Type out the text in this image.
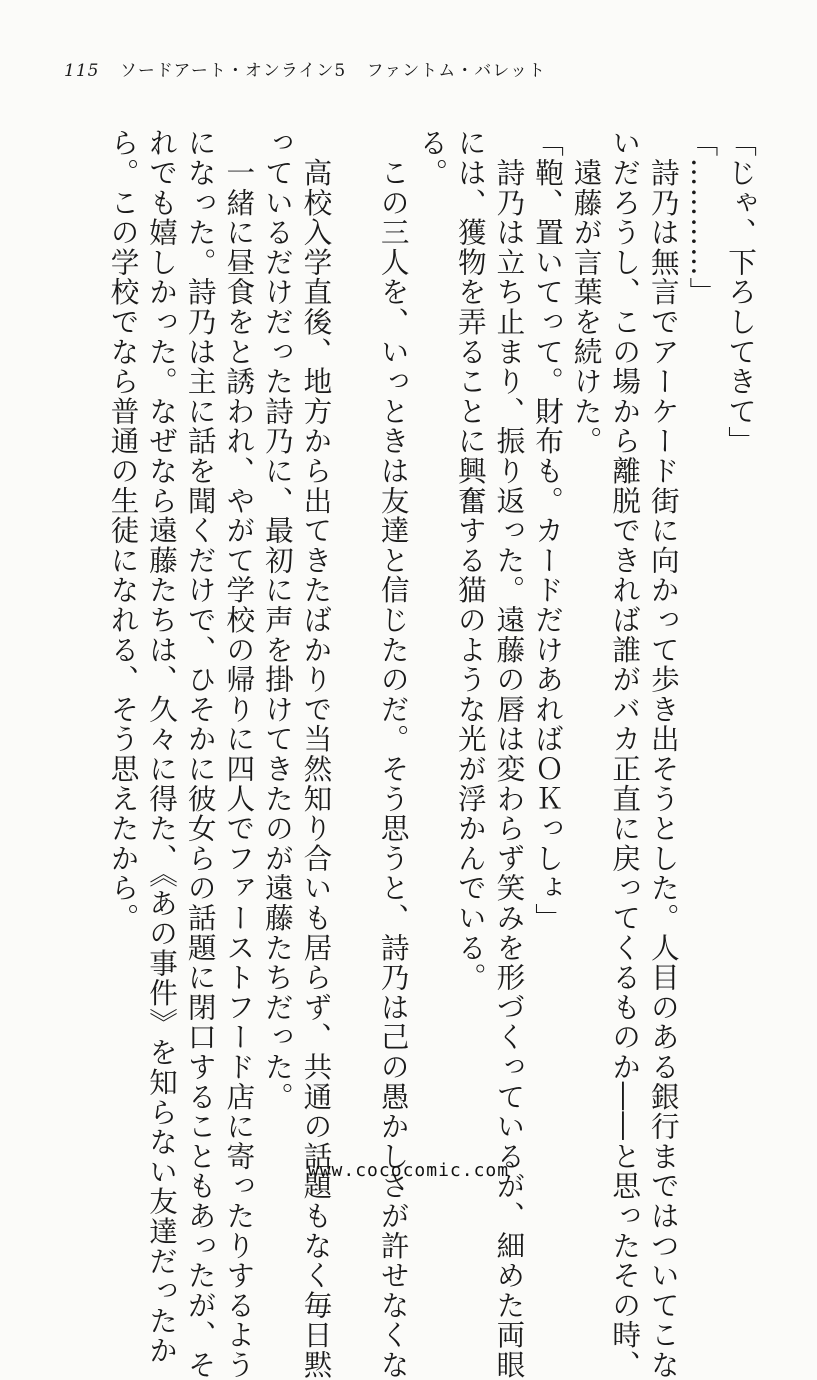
115 ソードアート・オンライン5 ファントム・バレット

「じゃ、下ろしてきて」

「…………」

　詩乃は無言でアーケード街に向かって歩き出そうとした。人目のある銀行まではついてこな

いだろうし、この場から離脱できれば誰がバカ正直に戻ってくるものか――と思ったその時、

　遠藤が言葉を続けた。

「鞄、置いてって。財布も。カードだけあればＯＫっしょ」

　詩乃は立ち止まり、振り返った。遠藤の唇は変わらず笑みを形づくっているが、細めた両眼

には、獲物を弄ることに興奮する猫のような光が浮かんでいる。

る。

　この三人を、いっときは友達と信じたのだ。そう思うと、詩乃は己の愚かしさが許せなくな

　高校入学直後、地方から出てきたばかりで当然知り合いも居らず、共通の話題もなく毎日黙

っているだけだった詩乃に、最初に声を掛けてきたのが遠藤たちだった。

　一緒に昼食をと誘われ、やがて学校の帰りに四人でファーストフード店に寄ったりするよう

になった。詩乃は主に話を聞くだけで、ひそかに彼女らの話題に閉口することもあったが、そ

れでも嬉しかった。なぜなら遠藤たちは、久々に得た、《あの事件》を知らない友達だったか

ら。この学校でなら普通の生徒になれる、そう思えたから。

www.cococomic.com
